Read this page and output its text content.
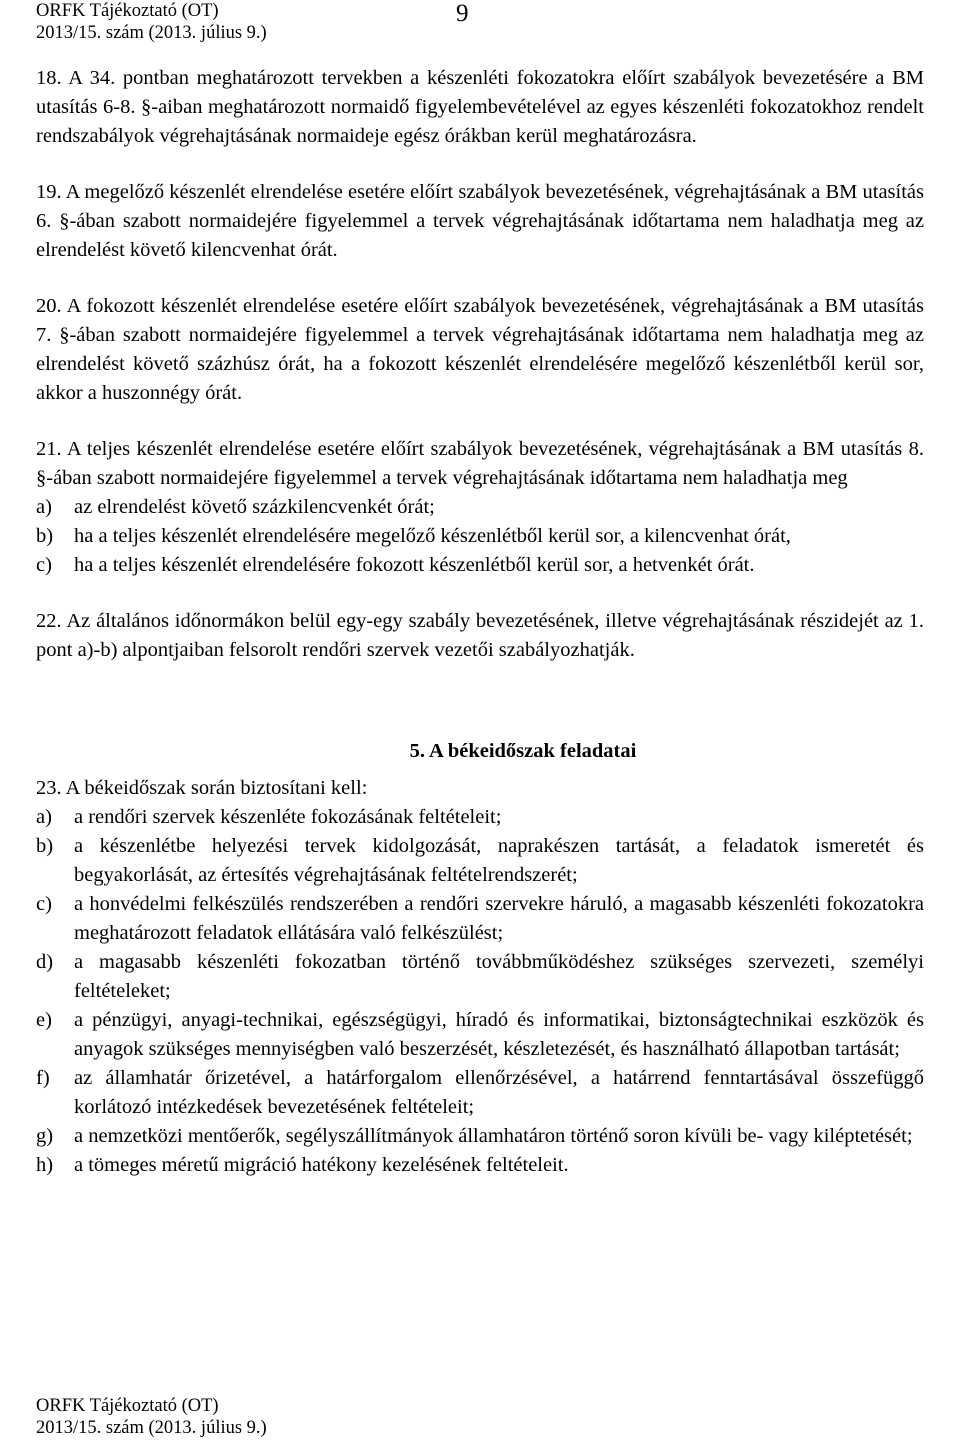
ORFK Tájékoztató (OT)
2013/15. szám (2013. július 9.)
9

18. A 34. pontban meghatározott tervekben a készenléti fokozatokra előírt szabályok bevezetésére a BM utasítás 6-8. §-aiban meghatározott normaidő figyelembevételével az egyes készenléti fokozatokhoz rendelt rendszabályok végrehajtásának normaideje egész órákban kerül meghatározásra.

19. A megelőző készenlét elrendelése esetére előírt szabályok bevezetésének, végrehajtásának a BM utasítás 6. §-ában szabott normaidejére figyelemmel a tervek végrehajtásának időtartama nem haladhatja meg az elrendelést követő kilencvenhat órát.

20. A fokozott készenlét elrendelése esetére előírt szabályok bevezetésének, végrehajtásának a BM utasítás 7. §-ában szabott normaidejére figyelemmel a tervek végrehajtásának időtartama nem haladhatja meg az elrendelést követő százhúsz órát, ha a fokozott készenlét elrendelésére megelőző készenlétből kerül sor, akkor a huszonnégy órát.

21. A teljes készenlét elrendelése esetére előírt szabályok bevezetésének, végrehajtásának a BM utasítás 8. §-ában szabott normaidejére figyelemmel a tervek végrehajtásának időtartama nem haladhatja meg

a)	az elrendelést követő százkilencvenkét órát;
b)	ha a teljes készenlét elrendelésére megelőző készenlétből kerül sor, a kilencvenhat órát,
c)	ha a teljes készenlét elrendelésére fokozott készenlétből kerül sor, a hetvenkét órát.

22. Az általános időnormákon belül egy-egy szabály bevezetésének, illetve végrehajtásának részidejét az 1. pont a)-b) alpontjaiban felsorolt rendőri szervek vezetői szabályozhatják.

5. A békeidőszak feladatai

23. A békeidőszak során biztosítani kell:

a)	a rendőri szervek készenléte fokozásának feltételeit;
b)	a készenlétbe helyezési tervek kidolgozását, naprakészen tartását, a feladatok ismeretét és begyakorlását, az értesítés végrehajtásának feltételrendszerét;
c)	a honvédelmi felkészülés rendszerében a rendőri szervekre háruló, a magasabb készenléti fokozatokra meghatározott feladatok ellátására való felkészülést;
d)	a magasabb készenléti fokozatban történő továbbműködéshez szükséges szervezeti, személyi feltételeket;
e)	a pénzügyi, anyagi-technikai, egészségügyi, híradó és informatikai, biztonságtechnikai eszközök és anyagok szükséges mennyiségben való beszerzését, készletezését, és használható állapotban tartását;
f)	az államhatár őrizetével, a határforgalom ellenőrzésével, a határrend fenntartásával összefüggő korlátozó intézkedések bevezetésének feltételeit;
g)	a nemzetközi mentőerők, segélyszállítmányok államhatáron történő soron kívüli be- vagy kiléptetését;
h)	a tömeges méretű migráció hatékony kezelésének feltételeit.
ORFK Tájékoztató (OT)
2013/15. szám (2013. július 9.)
